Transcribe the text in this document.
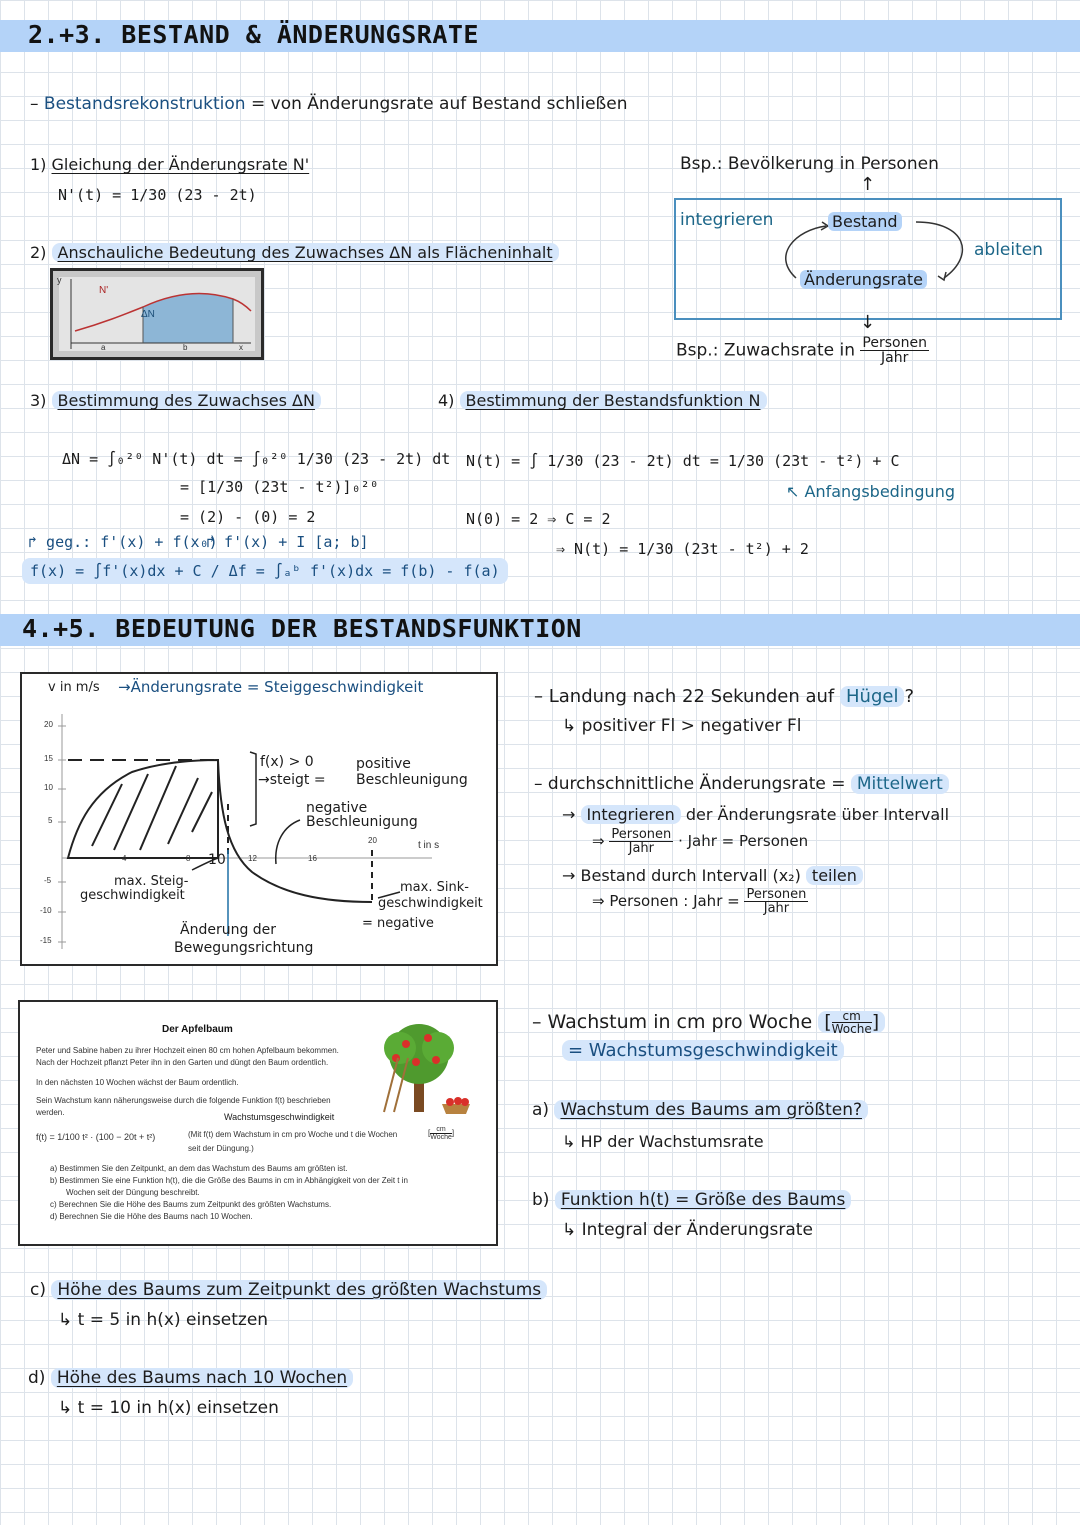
2.+3. BESTAND & ÄNDERUNGSRATE
– Bestandsrekonstruktion = von Änderungsrate auf Bestand schließen
1) Gleichung der Änderungsrate N'
N'(t) = 1/30 (23 - 2t)
2) Anschauliche Bedeutung des Zuwachses ΔN als Flächeninhalt
y
N'
ΔN
a	b	x
Bsp.: Bevölkerung in Personen
integrieren	Bestand
ableiten
Änderungsrate
↑
↓
Bsp.: Zuwachsrate in $\frac{\text{Personen}}{\text{Jahr}}$
3) Bestimmung des Zuwachses ΔN
ΔN = ∫₀²⁰ N'(t) dt = ∫₀²⁰ 1/30 (23 - 2t) dt
= [1/30 (23t - t²)]₀²⁰
= (2) - (0) = 2
↱ geg.: f'(x) + f(x₀)
↱ f'(x) + I [a; b]
f(x) = ∫f'(x)dx + C / Δf = ∫ₐᵇ f'(x)dx = f(b) - f(a)
4) Bestimmung der Bestandsfunktion N
N(t) = ∫ 1/30 (23 - 2t) dt = 1/30 (23t - t²) + C
↖ Anfangsbedingung
N(0) = 2 ⇒ C = 2
⇒ N(t) = 1/30 (23t - t²) + 2
4.+5. BEDEUTUNG DER BESTANDSFUNKTION
v in m/s →Änderungsrate = Steiggeschwindigkeit
20
15
10
5
-5
-10
-15
4	8 10	12	16
20	t in s
f(x) > 0
→steigt =
positive
Beschleunigung
negative
Beschleunigung
max. Steig-
geschwindigkeit
Änderung der
Bewegungsrichtung
max. Sink-
geschwindigkeit
= negative
– Landung nach 22 Sekunden auf Hügel ?
↳ positiver Fl > negativer Fl
– durchschnittliche Änderungsrate = Mittelwert
→ Integrieren der Änderungsrate über Intervall
⇒ $\frac{\text{Personen}}{\text{Jahr}}$ · Jahr = Personen
→ Bestand durch Intervall (x₂) teilen
⇒ Personen : Jahr = $\frac{\text{Personen}}{\text{Jahr}}$
Der Apfelbaum
Peter und Sabine haben zu ihrer Hochzeit einen 80 cm hohen Apfelbaum bekommen.
Nach der Hochzeit pflanzt Peter ihn in den Garten und düngt den Baum ordentlich.
In den nächsten 10 Wochen wächst der Baum ordentlich.
Sein Wachstum kann näherungsweise durch die folgende Funktion f(t) beschrieben
werden.	Wachstumsgeschwindigkeit
f(t) = 1/100 t² · (100 − 20t + t²)	(Mit f(t) dem Wachstum in cm pro Woche und t die Wochen
seit der Düngung.)
[ $\frac{cm}{\text{Woche}}$ ]
a) Bestimmen Sie den Zeitpunkt, an dem das Wachstum des Baums am größten ist.
b) Bestimmen Sie eine Funktion h(t), die die Größe des Baums in cm in Abhängigkeit von der Zeit t in
Wochen seit der Düngung beschreibt.
c) Berechnen Sie die Höhe des Baums zum Zeitpunkt des größten Wachstums.
d) Berechnen Sie die Höhe des Baums nach 10 Wochen.
– Wachstum in cm pro Woche [ $\frac{cm}{\text{Woche}}$ ]
= Wachstumsgeschwindigkeit
a) Wachstum des Baums am größten?
↳ HP der Wachstumsrate
b) Funktion h(t) = Größe des Baums
↳ Integral der Änderungsrate
c) Höhe des Baums zum Zeitpunkt des größten Wachstums
↳ t = 5 in h(x) einsetzen
d) Höhe des Baums nach 10 Wochen
↳ t = 10 in h(x) einsetzen
